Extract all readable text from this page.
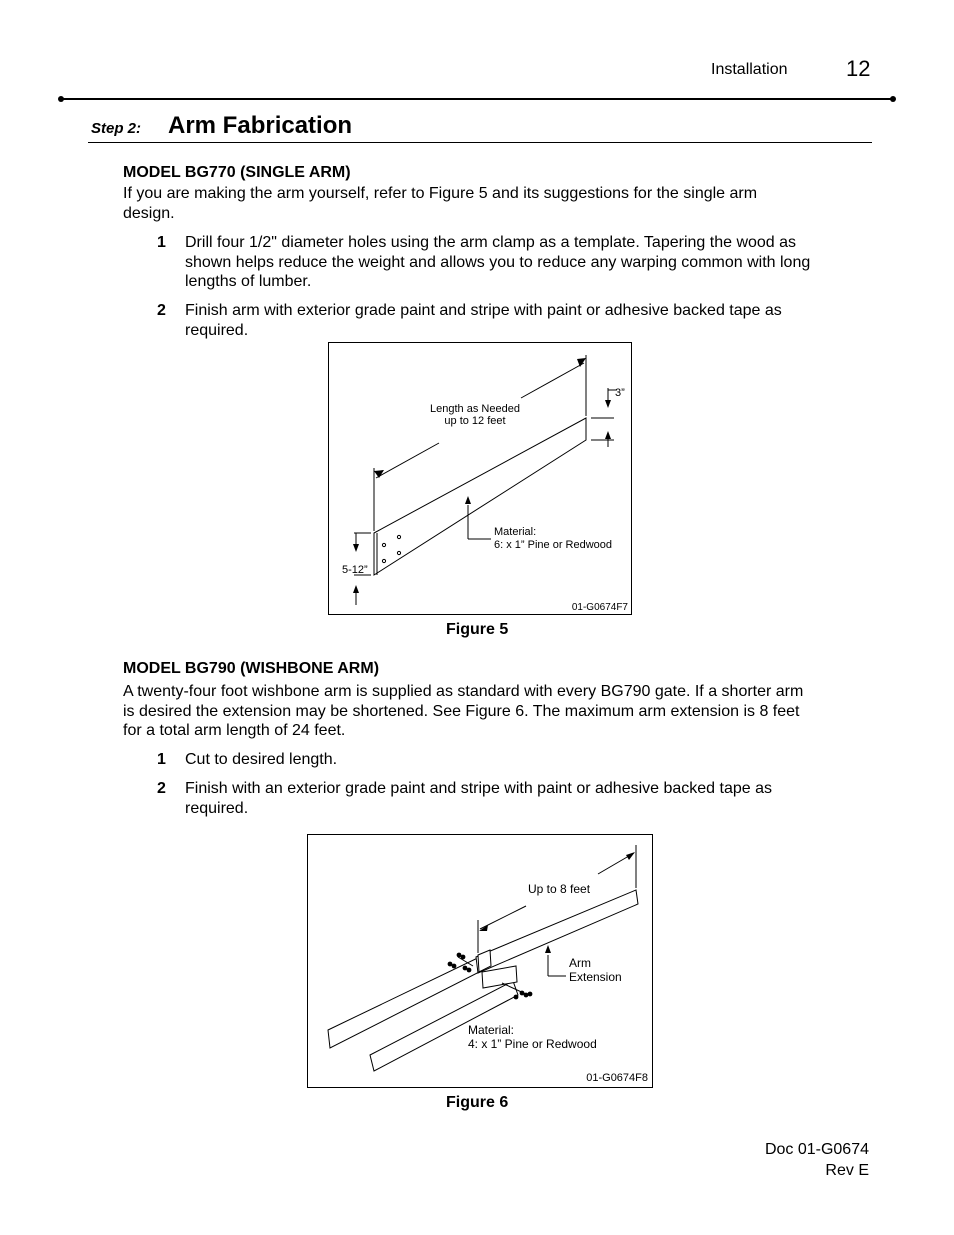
Installation	12
Step 2: Arm Fabrication
MODEL BG770 (SINGLE ARM)
If you are making the arm yourself, refer to Figure 5 and its suggestions for the single arm
design.
1 Drill four 1/2" diameter holes using the arm clamp as a template. Tapering the wood as
shown helps reduce the weight and allows you to reduce any warping common with long
lengths of lumber.
2 Finish arm with exterior grade paint and stripe with paint or adhesive backed tape as
required.
Length as Needed
up to 12 feet
3”
5-12”
Material:
6: x 1” Pine or Redwood
01-G0674F7
Figure 5
MODEL BG790 (WISHBONE ARM)
A twenty-four foot wishbone arm is supplied as standard with every BG790 gate. If a shorter arm
is desired the extension may be shortened. See Figure 6. The maximum arm extension is 8 feet
for a total arm length of 24 feet.
1 Cut to desired length.
2 Finish with an exterior grade paint and stripe with paint or adhesive backed tape as
required.
Up to 8 feet
Arm
Extension
Material:
4: x 1” Pine or Redwood
01-G0674F8
Figure 6
Doc 01-G0674
Rev E
